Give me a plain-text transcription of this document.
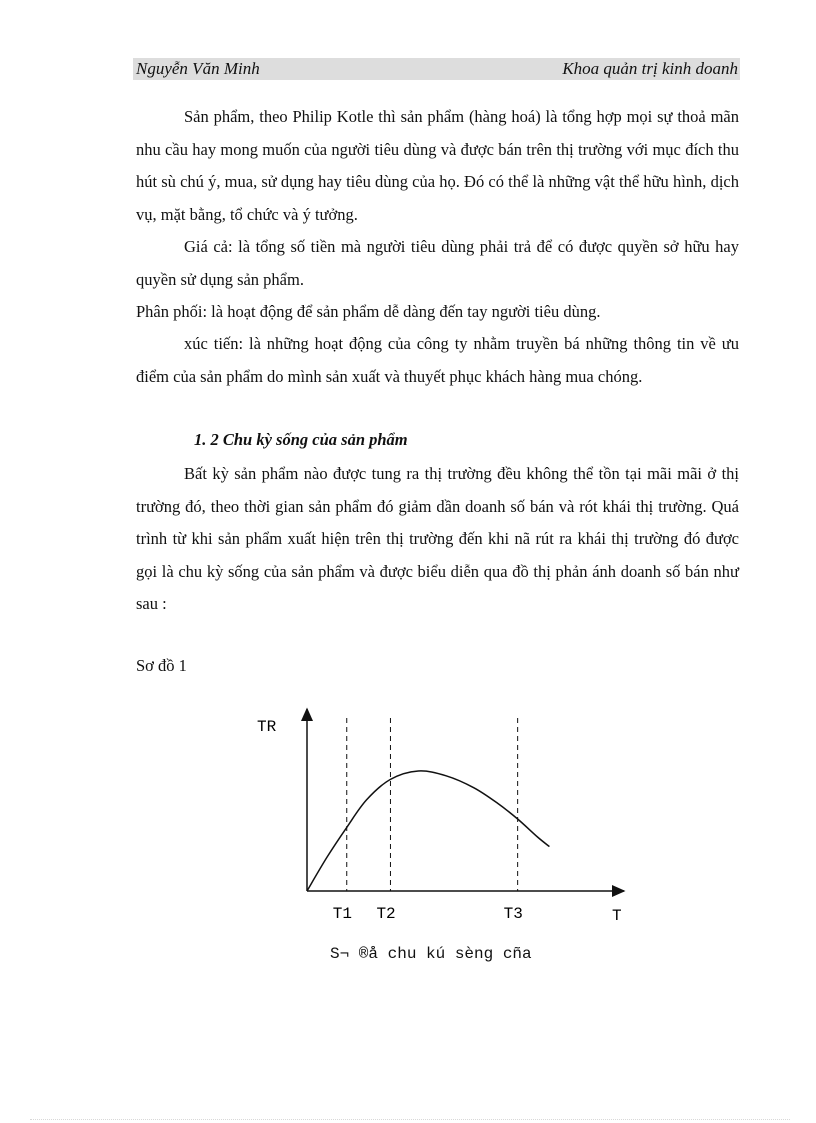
Nguyễn Văn Minh	Khoa quản trị kinh doanh

Sản phẩm, theo Philip Kotle thì sản phẩm (hàng hoá) là tổng hợp mọi sự thoả mãn nhu cầu hay mong muốn của người tiêu dùng và được bán trên thị trường với mục đích thu hút sù chú ý, mua, sử dụng hay tiêu dùng của họ. Đó có thể là những vật thể hữu hình, dịch vụ, mặt bằng, tổ chức và ý tưởng.

Giá cả: là tổng số tiền mà người tiêu dùng phải trả để có được quyền sở hữu hay quyền sử dụng sản phẩm.

Phân phối: là hoạt động để sản phẩm dễ dàng đến tay người tiêu dùng.

xúc tiến: là những hoạt động của công ty nhằm truyền bá những thông tin về ưu điểm của sản phẩm do mình sản xuất và thuyết phục khách hàng mua chóng.

1. 2 Chu kỳ sống của sản phẩm

Bất kỳ sản phẩm nào được tung ra thị trường đều không thể tồn tại mãi mãi ở thị trường đó, theo thời gian sản phẩm đó giảm dần doanh số bán và rót khái thị trường. Quá trình từ khi sản phẩm xuất hiện trên thị trường đến khi nã rút ra khái thị trường đó được gọi là chu kỳ sống của sản phẩm và được biểu diễn qua đồ thị phản ánh doanh số bán như sau :

Sơ đồ 1
TR
T
T1 T2	T3
S¬ ®å chu kú sèng cña
